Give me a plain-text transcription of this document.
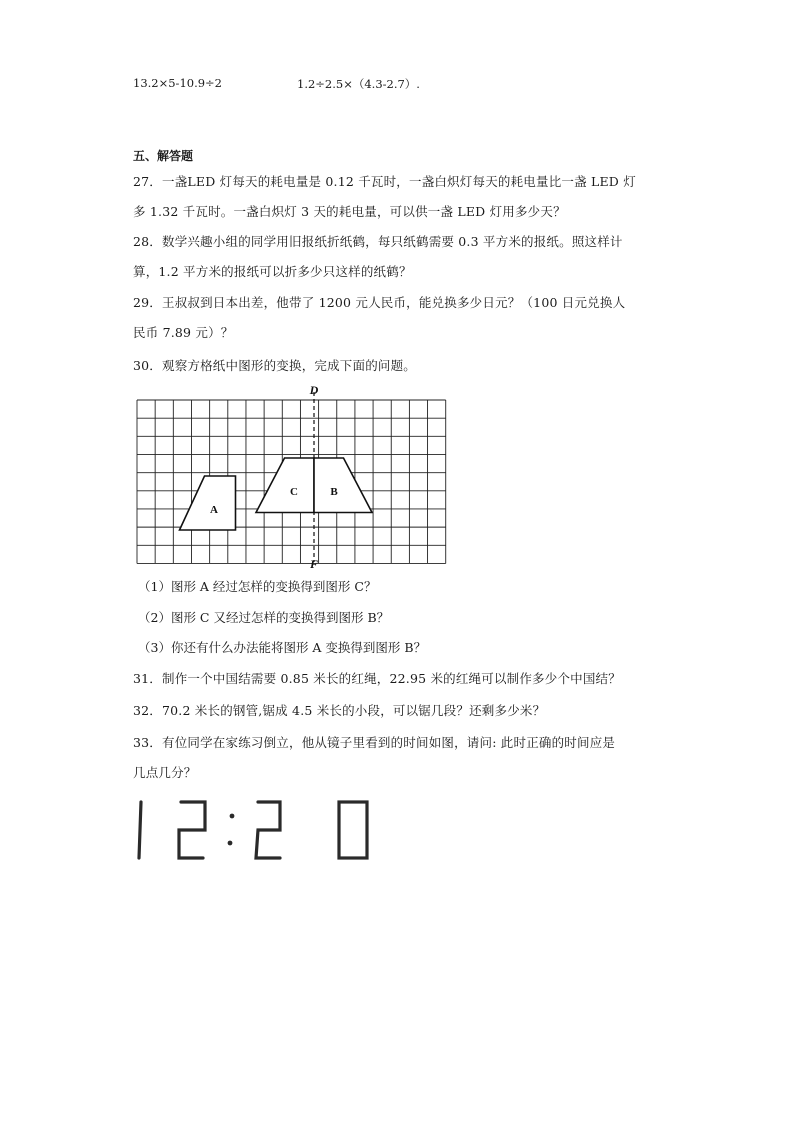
13.2×5-10.9÷2	1.2÷2.5×（4.3-2.7）.
五、解答题
27．一盏LED 灯每天的耗电量是 0.12 千瓦时，一盏白炽灯每天的耗电量比一盏 LED 灯
多 1.32 千瓦时。一盏白炽灯 3 天的耗电量，可以供一盏 LED 灯用多少天？
28．数学兴趣小组的同学用旧报纸折纸鹤，每只纸鹤需要 0.3 平方米的报纸。照这样计
算，1.2 平方米的报纸可以折多少只这样的纸鹤？
29．王叔叔到日本出差，他带了 1200 元人民币，能兑换多少日元？（100 日元兑换人
民币 7.89 元）？
30．观察方格纸中图形的变换，完成下面的问题。
D
F
A
C	B
（1）图形 A 经过怎样的变换得到图形 C？
（2）图形 C 又经过怎样的变换得到图形 B？
（3）你还有什么办法能将图形 A 变换得到图形 B？
31．制作一个中国结需要 0.85 米长的红绳，22.95 米的红绳可以制作多少个中国结？
32．70.2 米长的钢管,锯成 4.5 米长的小段，可以锯几段？还剩多少米？
33．有位同学在家练习倒立，他从镜子里看到的时间如图，请问: 此时正确的时间应是
几点几分？
